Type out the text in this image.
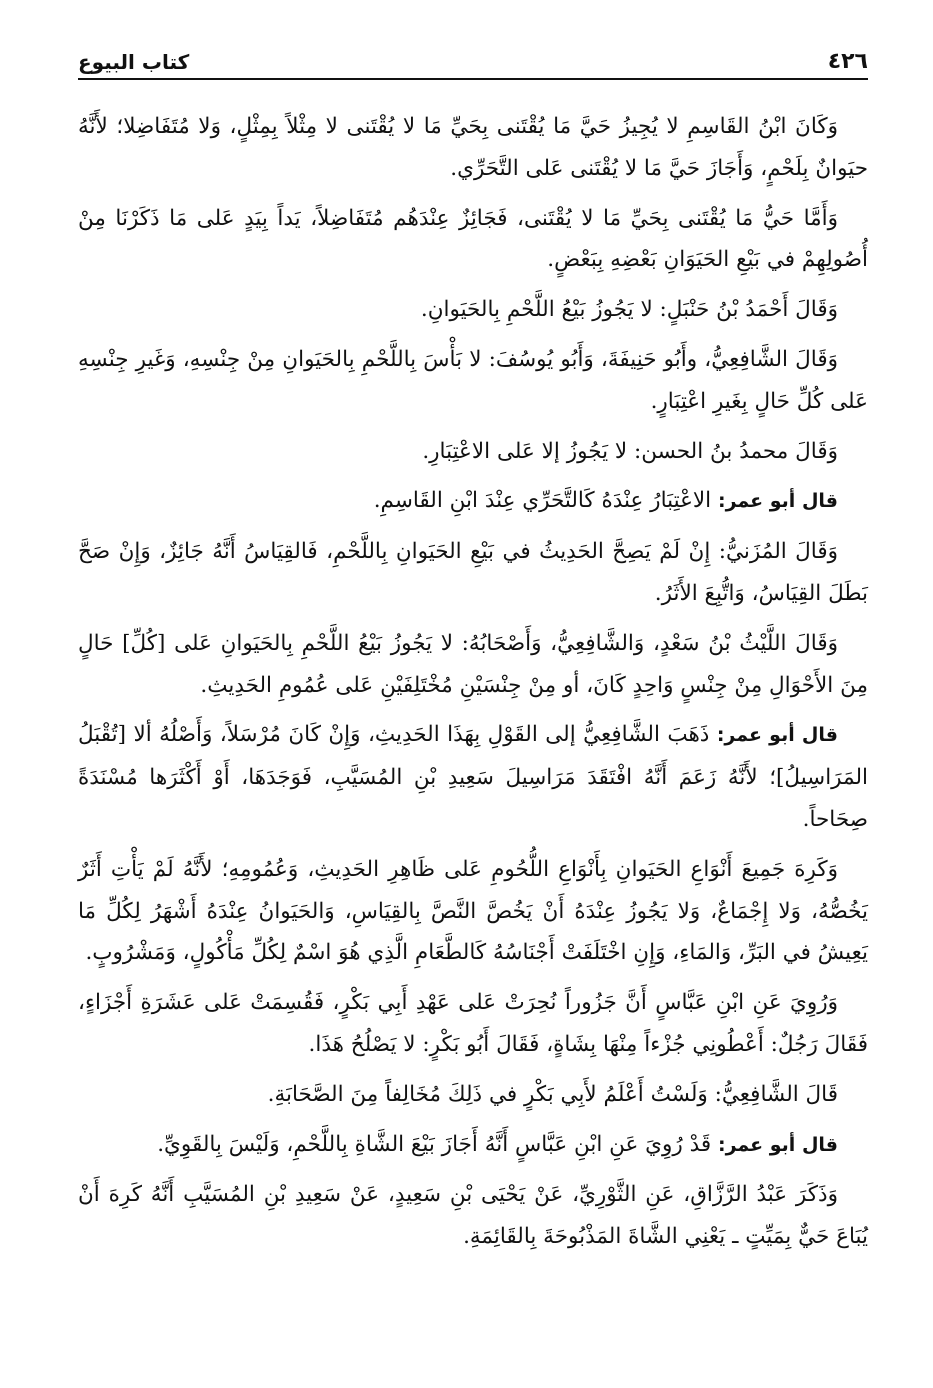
٤٢٦
كتاب البيوع

وَكَانَ ابْنُ القَاسِمِ لا يُجِيزُ حَيَّ مَا يُقْتَنى بِحَيِّ مَا لا يُقْتَنى لا مِثْلاً بِمِثْلٍ، وَلا مُتَفَاضِلا؛ لأَنَّهُ حيَوانٌ بِلَحْمٍ، وَأَجَازَ حَيَّ مَا لا يُقْتَنى عَلى التَّحَرِّي.

وَأَمَّا حَيُّ مَا يُقْتَنى بِحَيِّ مَا لا يُقْتَنى، فَجَائِزٌ عِنْدَهُم مُتَفَاضِلاً، يَداً بِيَدٍ عَلى مَا ذَكَرْنَا مِنْ أُصُولِهِمْ في بَيْعِ الحَيَوَانِ بَعْضِهِ بِبَعْضٍ.

وَقَالَ أَحْمَدُ بْنُ حَنْبَلٍ: لا يَجُوزُ بَيْعُ اللَّحْمِ بِالحَيَوانِ.

وَقَالَ الشَّافِعِيُّ، وأَبُو حَنِيفَةَ، وَأَبُو يُوسُفَ: لا بَأْسَ بِاللَّحْمِ بِالحَيَوانِ مِنْ جِنْسِهِ، وَغَيرِ جِنْسِهِ عَلى كُلِّ حَالٍ بِغَيرِ اعْتِبَارٍ.

وَقَالَ محمدُ بنُ الحسن: لا يَجُوزُ إلا عَلى الاعْتِبَارِ.

قال أبو عمر: الاعْتِبَارُ عِنْدَهُ كَالتَّحَرِّي عِنْدَ ابْنِ القَاسِمِ.

وَقَالَ المُزَنيُّ: إِنْ لَمْ يَصِحَّ الحَدِيثُ في بَيْعِ الحَيَوانِ بِاللَّحْمِ، فَالقِيَاسُ أَنَّهُ جَائِزٌ، وَإِنْ صَحَّ بَطَلَ القِيَاسُ، وَاتُّبِعَ الأَثَرُ.

وَقَالَ اللَّيْثُ بْنُ سَعْدٍ، وَالشَّافِعِيُّ، وَأَصْحَابُهُ: لا يَجُوزُ بَيْعُ اللَّحْمِ بِالحَيَوانِ عَلى [كُلِّ] حَالٍ مِنَ الأَحْوَالِ مِنْ جِنْسٍ وَاحِدٍ كَانَ، أو مِنْ جِنْسَيْنِ مُخْتَلِفَيْنِ عَلى عُمُومِ الحَدِيثِ.

قال أبو عمر: ذَهَبَ الشَّافِعِيُّ إلى القَوْلِ بِهَذَا الحَدِيثِ، وَإِنْ كَانَ مُرْسَلاً، وَأَصْلُهُ ألا [تُقْبَلُ المَرَاسِيلُ]؛ لأَنَّهُ زَعَمَ أَنَّهُ افْتَقَدَ مَرَاسِيلَ سَعِيدِ بْنِ المُسَيَّبِ، فَوَجَدَهَا، أَوْ أَكْثَرَها مُسْنَدَةً صِحَاحاً.

وَكَرِهَ جَمِيعَ أَنْوَاعِ الحَيَوانِ بِأَنْوَاعِ اللُّحُومِ عَلى ظَاهِرِ الحَدِيثِ، وَعُمُومِهِ؛ لأَنَّهُ لَمْ يَأْتِ أَثَرٌ يَخُصُّهُ، وَلا إِجْمَاعٌ، وَلا يَجُوزُ عِنْدَهُ أَنْ يَخُصَّ النَّصَّ بِالقِيَاسِ، وَالحَيَوانُ عِنْدَهُ أَشْهَرُ لِكُلِّ مَا يَعِيشُ في البَرِّ، وَالمَاءِ، وَإِنِ اخْتَلَفَتْ أَجْنَاسُهُ كَالطَّعَامِ الَّذِي هُوَ اسْمٌ لِكُلِّ مَأْكُولٍ، وَمَشْرُوبٍ.

وَرُوِيَ عَنِ ابْنِ عَبَّاسٍ أَنَّ جَزُوراً نُحِرَتْ عَلى عَهْدِ أَبِي بَكْرٍ، فَقُسِمَتْ عَلى عَشَرَةِ أَجْزَاءٍ، فَقَالَ رَجُلٌ: أَعْطُونِي جُزْءاً مِنْهَا بِشَاةٍ، فَقَالَ أَبُو بَكْرٍ: لا يَصْلُحُ هَذَا.

قَالَ الشَّافِعِيُّ: وَلَسْتُ أَعْلَمُ لأَبِي بَكْرٍ في ذَلِكَ مُخَالِفاً مِنَ الصَّحَابَةِ.

قال أبو عمر: قَدْ رُوِيَ عَنِ ابْنِ عَبَّاسٍ أَنَّهُ أَجَازَ بَيْعَ الشَّاةِ بِاللَّحْمِ، وَلَيْسَ بِالقَوِيِّ.

وَذَكَرَ عَبْدُ الرَّزَّاقِ، عَنِ الثَّوْرِيِّ، عَنْ يَحْيَى بْنِ سَعِيدٍ، عَنْ سَعِيدِ بْنِ المُسَيَّبِ أَنَّهُ كَرِهَ أَنْ يُبَاعَ حَيٌّ بِمَيِّتٍ ـ يَعْنِي الشَّاةَ المَذْبُوحَةَ بِالقَائِمَةِ.
